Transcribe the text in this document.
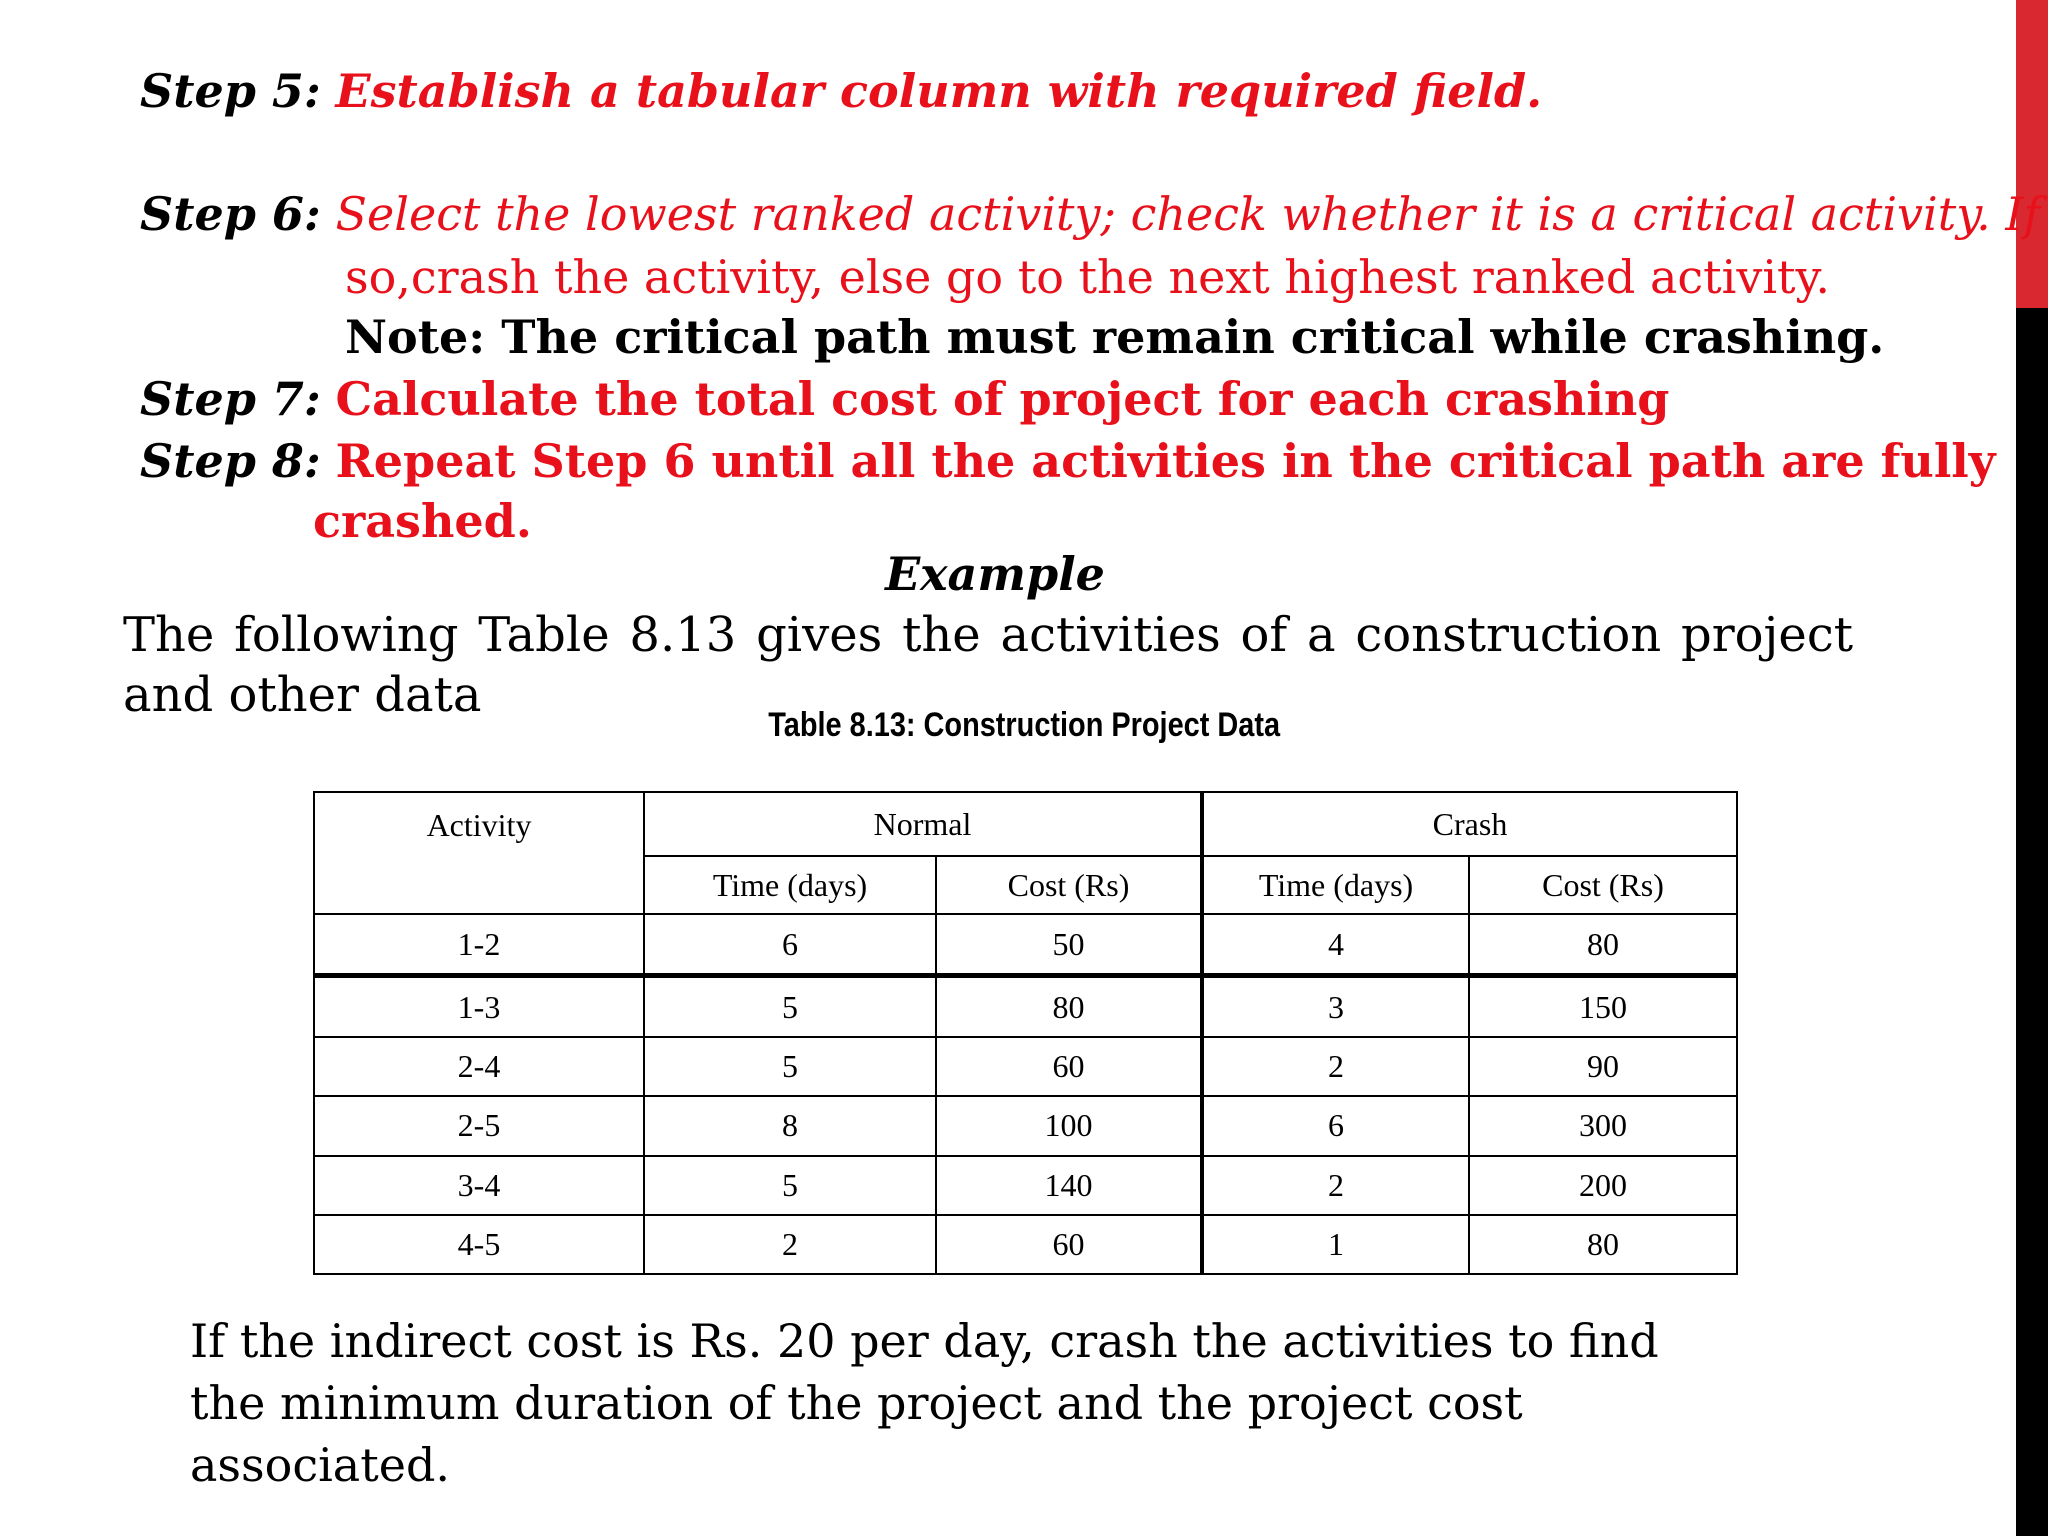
Step 5: Establish a tabular column with required field.
Step 6: Select the lowest ranked activity; check whether it is a critical activity. If
so,crash the activity, else go to the next highest ranked activity.
Note: The critical path must remain critical while crashing.
Step 7: Calculate the total cost of project for each crashing
Step 8: Repeat Step 6 until all the activities in the critical path are fully
crashed.
Example
The following Table 8.13 gives the activities of a construction project and other data
Table 8.13: Construction Project Data
Activity	Normal		Crash	
	Time (days)	Cost (Rs)	Time (days)	Cost (Rs)
1-2	6	50	4	80
1-3	5	80	3	150
2-4	5	60	2	90
2-5	8	100	6	300
3-4	5	140	2	200
4-5	2	60	1	80
If the indirect cost is Rs. 20 per day, crash the activities to find the minimum duration of the project and the project cost associated.
